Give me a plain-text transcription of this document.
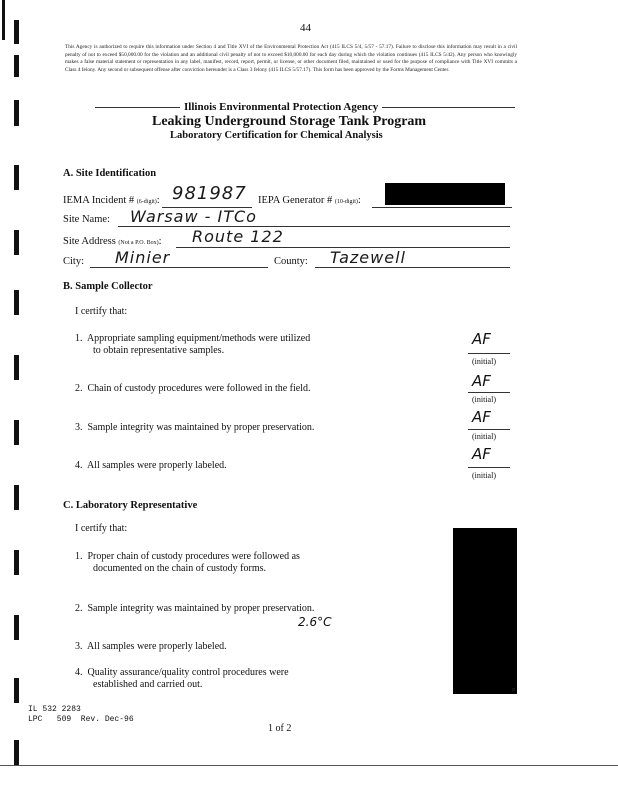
44
This Agency is authorized to require this information under Section 4 and Title XVI of the Environmental Protection Act (415 ILCS 5/4, 5/57 - 57.17). Failure to disclose this information may result in a civil penalty of not to exceed $50,000.00 for the violation and an additional civil penalty of not to exceed $10,000.00 for each day during which the violation continues (415 ILCS 5/42). Any person who knowingly makes a false material statement or representation in any label, manifest, record, report, permit, or license, or other document filed, maintained or used for the purpose of compliance with Title XVI commits a Class 4 felony. Any second or subsequent offense after conviction hereunder is a Class 3 felony (415 ILCS 5/57.17). This form has been approved by the Forms Management Center.
Illinois Environmental Protection Agency
Leaking Underground Storage Tank Program
Laboratory Certification for Chemical Analysis
A. Site Identification
IEMA Incident # (6-digit): 981987 IEPA Generator # (10-digit):
Site Name: Warsaw - ITCo
Site Address (Not a P.O. Box): Route 122
City: Minier	County: Tazewell
B. Sample Collector
I certify that:
1. Appropriate sampling equipment/methods were utilized
to obtain representative samples.
2. Chain of custody procedures were followed in the field.
3. Sample integrity was maintained by proper preservation.
4. All samples were properly labeled.
AF
(initial)
AF
(initial)
AF
(initial)
AF
(initial)
C. Laboratory Representative
I certify that:
1. Proper chain of custody procedures were followed as
documented on the chain of custody forms.
2. Sample integrity was maintained by proper preservation.
2.6°C
3. All samples were properly labeled.
4. Quality assurance/quality control procedures were
established and carried out.
IL 532 2283
LPC   509  Rev. Dec-96
1 of 2
